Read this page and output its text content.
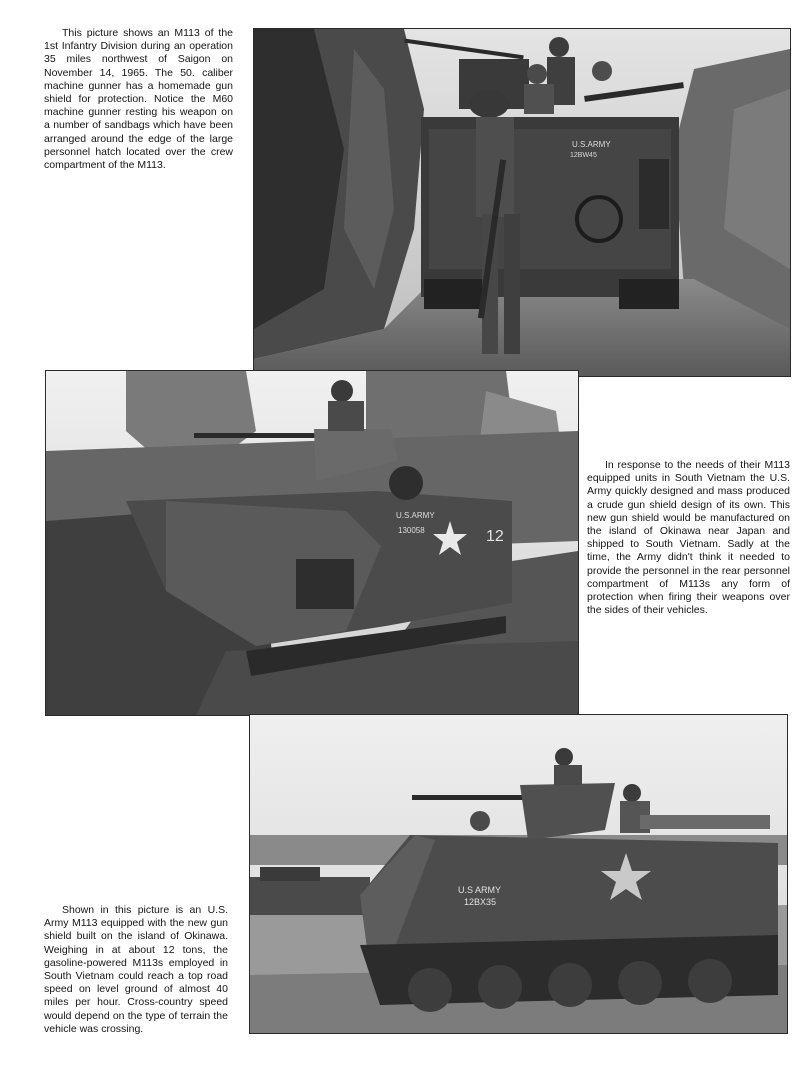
This picture shows an M113 of the 1st Infantry Division during an operation 35 miles northwest of Saigon on November 14, 1965. The 50. caliber machine gunner has a homemade gun shield for protection. Notice the M60 machine gunner resting his weapon on a number of sandbags which have been arranged around the edge of the large personnel hatch located over the crew compartment of the M113.

U.S.ARMY
12BW45
U.S.ARMY
130058	12

In response to the needs of their M113 equipped units in South Vietnam the U.S. Army quickly designed and mass produced a crude gun shield design of its own. This new gun shield would be manufactured on the island of Okinawa near Japan and shipped to South Vietnam. Sadly at the time, the Army didn't think it needed to provide the personnel in the rear personnel compartment of M113s any form of protection when firing their weapons over the sides of their vehicles.

U.S ARMY
12BX35

Shown in this picture is an U.S. Army M113 equipped with the new gun shield built on the island of Okinawa. Weighing in at about 12 tons, the gasoline-powered M113s employed in South Vietnam could reach a top road speed on level ground of almost 40 miles per hour. Cross-country speed would depend on the type of terrain the vehicle was crossing.
